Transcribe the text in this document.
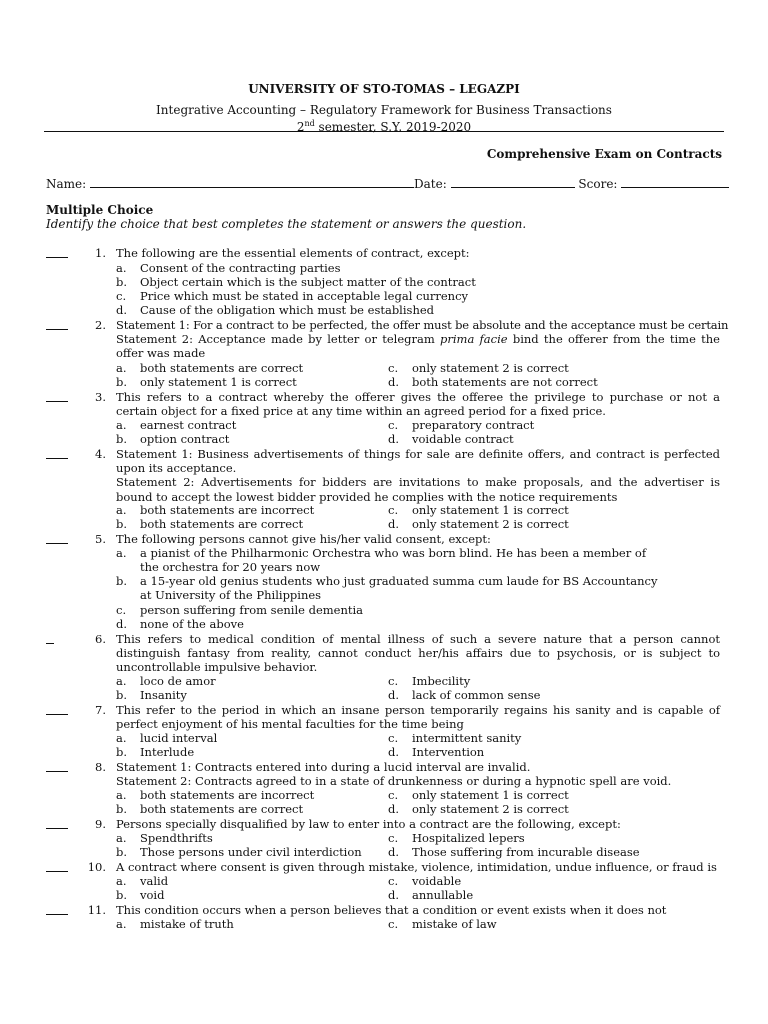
UNIVERSITY OF STO-TOMAS – LEGAZPI
Integrative Accounting – Regulatory Framework for Business Transactions
2nd semester, S.Y. 2019-2020
Comprehensive Exam on Contracts
Name:	Date:	Score:
Multiple Choice
Identify the choice that best completes the statement or answers the question.
1. The following are the essential elements of contract, except:
a. Consent of the contracting parties
b. Object certain which is the subject matter of the contract
c. Price which must be stated in acceptable legal currency
d. Cause of the obligation which must be established
2. Statement 1: For a contract to be perfected, the offer must be absolute and the acceptance must be certain
Statement 2: Acceptance made by letter or telegram prima facie bind the offerer from the time the offer was made
a. both statements are correct	c. only statement 2 is correct
b. only statement 1 is correct	d. both statements are not correct
3. This refers to a contract whereby the offerer gives the offeree the privilege to purchase or not a certain object for a fixed price at any time within an agreed period for a fixed price.
a. earnest contract	c. preparatory contract
b. option contract	d. voidable contract
4. Statement 1: Business advertisements of things for sale are definite offers, and contract is perfected upon its acceptance.
Statement 2: Advertisements for bidders are invitations to make proposals, and the advertiser is bound to accept the lowest bidder provided he complies with the notice requirements
a. both statements are incorrect	c. only statement 1 is correct
b. both statements are correct	d. only statement 2 is correct
5. The following persons cannot give his/her valid consent, except:
a.	a pianist of the Philharmonic Orchestra who was born blind. He has been a member of the orchestra for 20 years now
b.	a 15-year old genius students who just graduated summa cum laude for BS Accountancy at University of the Philippines
c. person suffering from senile dementia
d. none of the above
6. This refers to medical condition of mental illness of such a severe nature that a person cannot distinguish fantasy from reality, cannot conduct her/his affairs due to psychosis, or is subject to uncontrollable impulsive behavior.
a. loco de amor	c. Imbecility
b. Insanity	d. lack of common sense
7. This refer to the period in which an insane person temporarily regains his sanity and is capable of perfect enjoyment of his mental faculties for the time being
a. lucid interval	c. intermittent sanity
b. Interlude	d. Intervention
8. Statement 1: Contracts entered into during a lucid interval are invalid.
Statement 2: Contracts agreed to in a state of drunkenness or during a hypnotic spell are void.
a. both statements are incorrect	c. only statement 1 is correct
b. both statements are correct	d. only statement 2 is correct
9. Persons specially disqualified by law to enter into a contract are the following, except:
a. Spendthrifts	c. Hospitalized lepers
b. Those persons under civil interdiction d. Those suffering from incurable disease
10. A contract where consent is given through mistake, violence, intimidation, undue influence, or fraud is
a. valid	c. voidable
b. void	d. annullable
11. This condition occurs when a person believes that a condition or event exists when it does not
a. mistake of truth	c. mistake of law
